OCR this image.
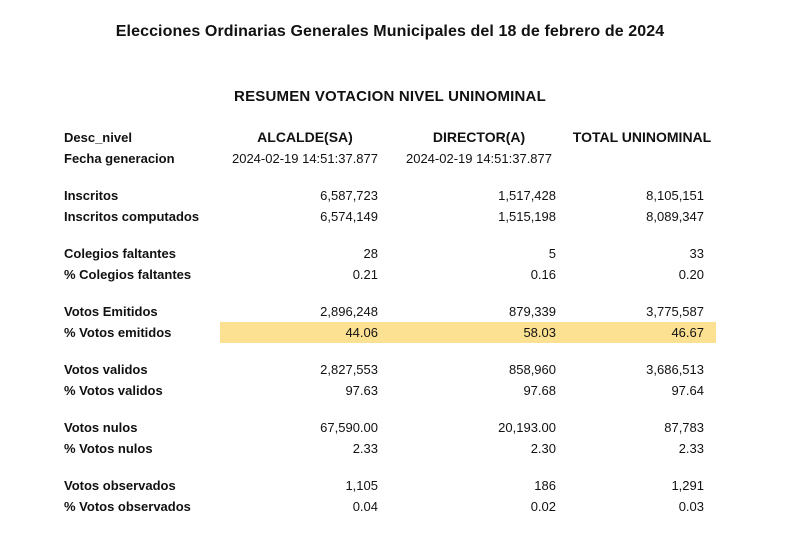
Elecciones Ordinarias Generales Municipales del 18 de febrero de 2024
RESUMEN VOTACION NIVEL UNINOMINAL
Desc_nivel	ALCALDE(SA)	DIRECTOR(A)	TOTAL UNINOMINAL
Fecha generacion	2024-02-19 14:51:37.877	2024-02-19 14:51:37.877
Inscritos	6,587,723	1,517,428	8,105,151
Inscritos computados	6,574,149	1,515,198	8,089,347
Colegios faltantes	28	5	33
% Colegios faltantes	0.21	0.16	0.20
Votos Emitidos	2,896,248	879,339	3,775,587
% Votos emitidos	44.06	58.03	46.67
Votos validos	2,827,553	858,960	3,686,513
% Votos validos	97.63	97.68	97.64
Votos nulos	67,590.00	20,193.00	87,783
% Votos nulos	2.33	2.30	2.33
Votos observados	1,105	186	1,291
% Votos observados	0.04	0.02	0.03
